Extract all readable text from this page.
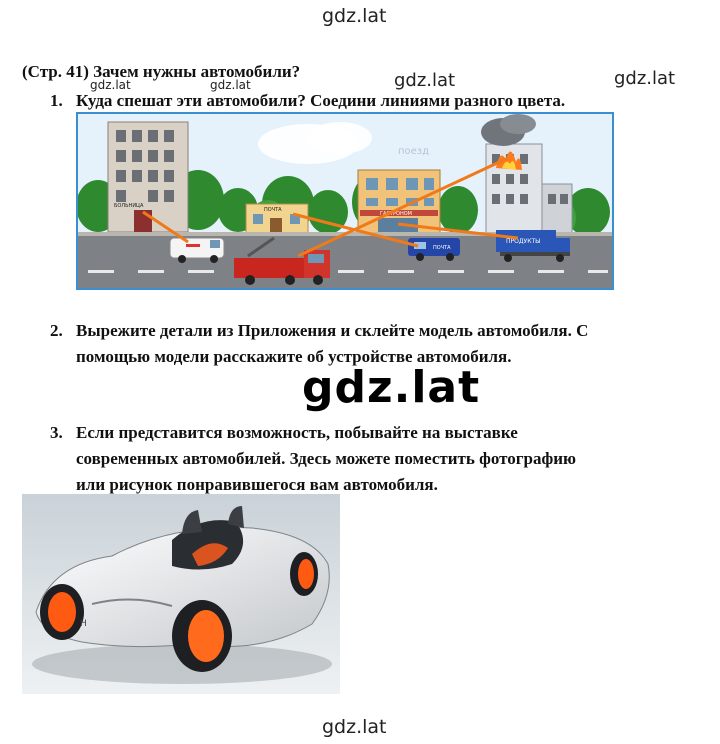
gdz.lat
gdz.lat	gdz.lat	gdz.lat	gdz.lat
(Стр. 41) Зачем нужны автомобили?
1. Куда спешат эти автомобили? Соедини линиями разного цвета.
поезд
БОЛЬНИЦА
ПОЧТА
ГАСТРОНОМ
ПОЧТА
ПРОДУКТЫ
2. Вырежите детали из Приложения и склейте модель автомобиля. С
помощью модели расскажите об устройстве автомобиля.
gdz.lat
3. Если представится возможность, побывайте на выставке
современных автомобилей. Здесь можете поместить фотографию
или рисунок понравившегося вам автомобиля.
H
gdz.lat
